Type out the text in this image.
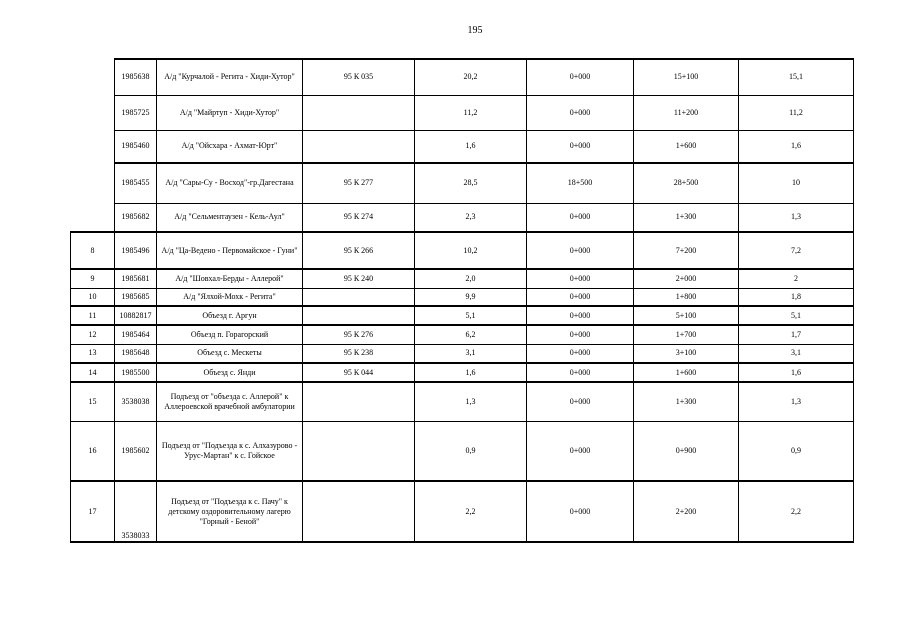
195
	1985638	А/д "Курчалой - Регита - Хиди-Хутор"	95 К 035	20,2	0+000	15+100	15,1
	1985725	А/д "Майртуп - Хиди-Хутор"		11,2	0+000	11+200	11,2
	1985460	А/д "Ойсхара - Ахмат-Юрт"		1,6	0+000	1+600	1,6
	1985455	А/д "Сары-Су - Восход"-гр.Дагестана	95 К 277	28,5	18+500	28+500	10
	1985682	А/д "Сельментаузен - Кель-Аул"	95 К 274	2,3	0+000	1+300	1,3
8	1985496	А/д "Ца-Ведено - Первомайское - Гуни"	95 К 266	10,2	0+000	7+200	7,2
9	1985681	А/д "Шовхал-Берды - Аллерой"	95 К 240	2,0	0+000	2+000	2
10	1985685	А/д "Ялхой-Мохк - Регита"		9,9	0+000	1+800	1,8
11	10882817	Объезд г. Аргун		5,1	0+000	5+100	5,1
12	1985464	Объезд п. Горагорский	95 К 276	6,2	0+000	1+700	1,7
13	1985648	Объезд с. Мескеты	95 К 238	3,1	0+000	3+100	3,1
14	1985500	Объезд с. Янди	95 К 044	1,6	0+000	1+600	1,6
15	3538038	Подъезд от "объезда с. Аллерой" к Аллероевской врачебной амбулатории		1,3	0+000	1+300	1,3
16	1985602	Подъезд от "Подъезда к с. Алхазурово - Урус-Мартан" к с. Гойское		0,9	0+000	0+900	0,9
17	3538033	Подъезд от "Подъезда к с. Пачу" к детскому оздоровительному лагерю "Горный - Беной"		2,2	0+000	2+200	2,2
